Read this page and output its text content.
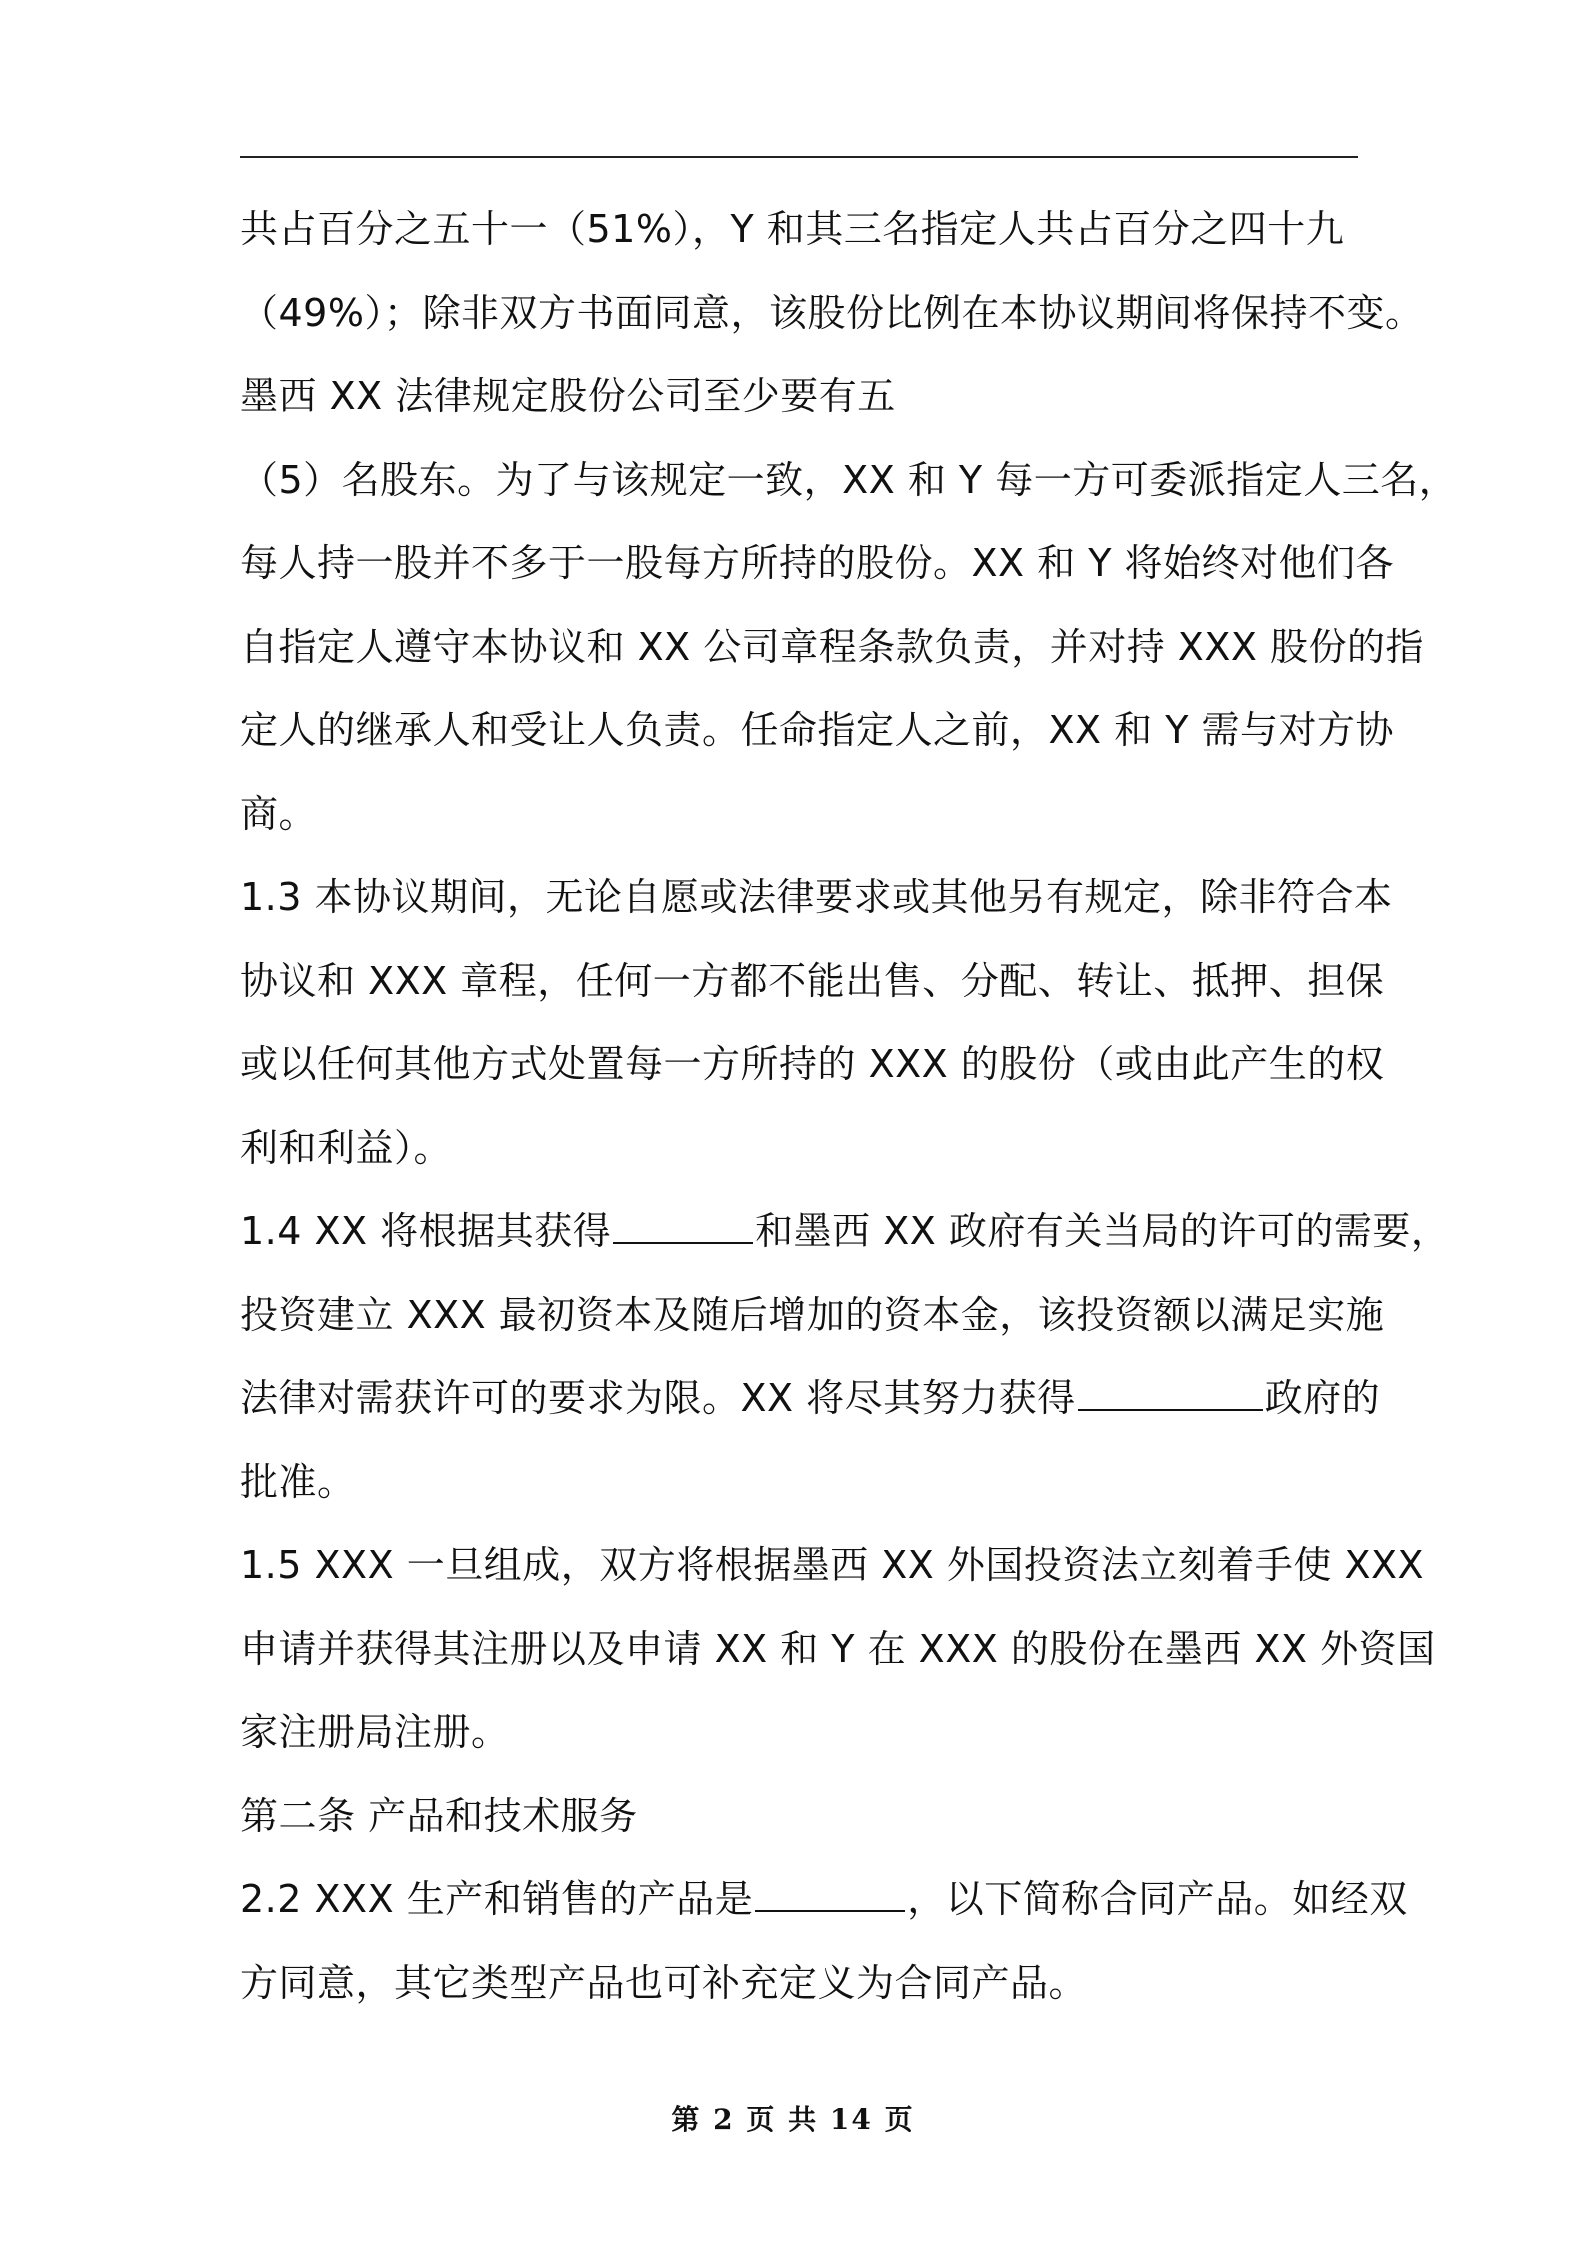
共占百分之五十一（51%），Y 和其三名指定人共占百分之四十九
（49%）；除非双方书面同意，该股份比例在本协议期间将保持不变。
墨西 XX 法律规定股份公司至少要有五
（5）名股东。为了与该规定一致，XX 和 Y 每一方可委派指定人三名，
每人持一股并不多于一股每方所持的股份。XX 和 Y 将始终对他们各
自指定人遵守本协议和 XX 公司章程条款负责，并对持 XXX 股份的指
定人的继承人和受让人负责。任命指定人之前，XX 和 Y 需与对方协
商。
1.3 本协议期间，无论自愿或法律要求或其他另有规定，除非符合本
协议和 XXX 章程，任何一方都不能出售、分配、转让、抵押、担保
或以任何其他方式处置每一方所持的 XXX 的股份（或由此产生的权
利和利益）。
1.4 XX 将根据其获得	和墨西 XX 政府有关当局的许可的需要，
投资建立 XXX 最初资本及随后增加的资本金，该投资额以满足实施
法律对需获许可的要求为限。XX 将尽其努力获得	政府的
批准。
1.5 XXX 一旦组成，双方将根据墨西 XX 外国投资法立刻着手使 XXX
申请并获得其注册以及申请 XX 和 Y 在 XXX 的股份在墨西 XX 外资国
家注册局注册。
第二条 产品和技术服务
2.2 XXX 生产和销售的产品是	，以下简称合同产品。如经双
方同意，其它类型产品也可补充定义为合同产品。
第 2 页 共 14 页
